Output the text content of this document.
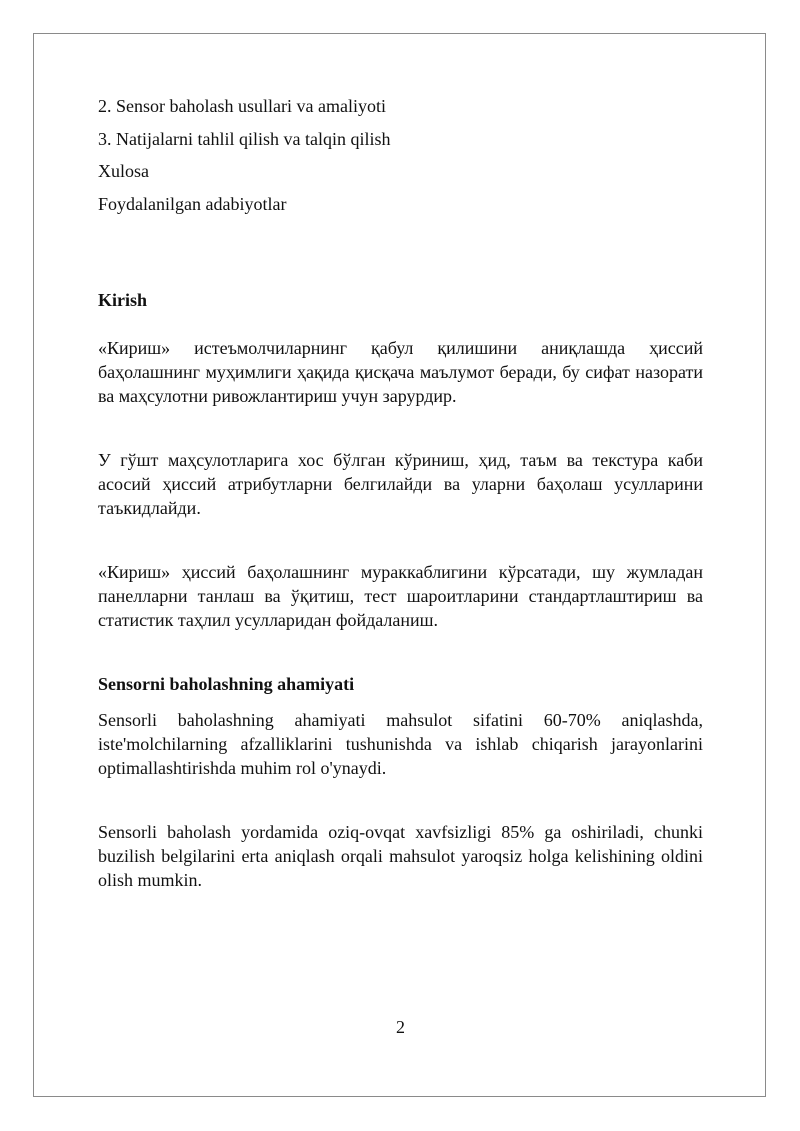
2. Sensor baholash usullari va amaliyoti

3. Natijalarni tahlil qilish va talqin qilish

Xulosa

Foydalanilgan adabiyotlar

Kirish

«Кириш» истеъмолчиларнинг қабул қилишини аниқлашда ҳиссий баҳолашнинг муҳимлиги ҳақида қисқача маълумот беради, бу сифат назорати ва маҳсулотни ривожлантириш учун зарурдир.

У гўшт маҳсулотларига хос бўлган кўриниш, ҳид, таъм ва текстура каби асосий ҳиссий атрибутларни белгилайди ва уларни баҳолаш усулларини таъкидлайди.

«Кириш» ҳиссий баҳолашнинг мураккаблигини кўрсатади, шу жумладан панелларни танлаш ва ўқитиш, тест шароитларини стандартлаштириш ва статистик таҳлил усулларидан фойдаланиш.

Sensorni baholashning ahamiyati

Sensorli baholashning ahamiyati mahsulot sifatini 60-70% aniqlashda, iste'molchilarning afzalliklarini tushunishda va ishlab chiqarish jarayonlarini optimallashtirishda muhim rol o'ynaydi.

Sensorli baholash yordamida oziq-ovqat xavfsizligi 85% ga oshiriladi, chunki buzilish belgilarini erta aniqlash orqali mahsulot yaroqsiz holga kelishining oldini olish mumkin.

2
